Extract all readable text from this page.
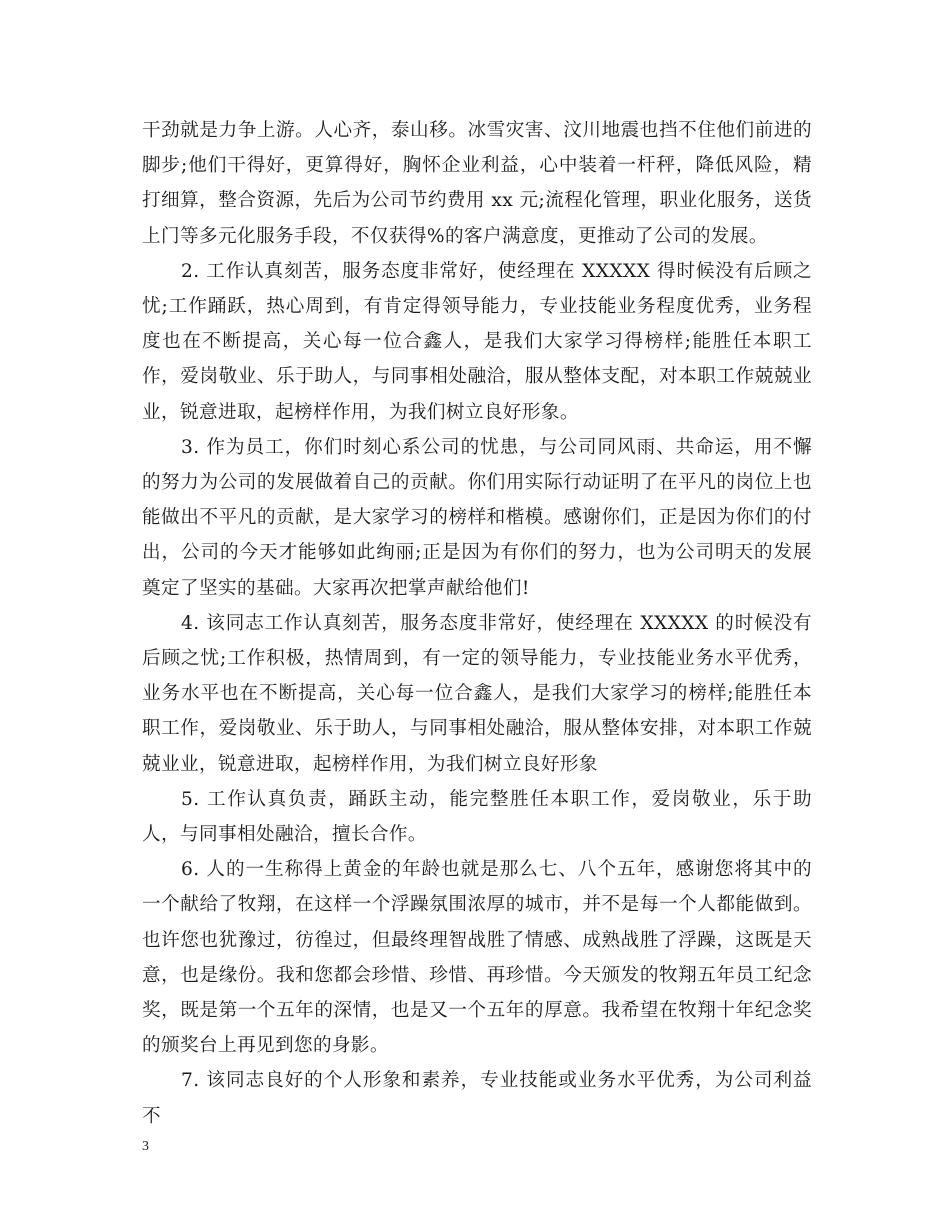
干劲就是力争上游。人心齐，泰山移。冰雪灾害、汶川地震也挡不住他们前进的脚步;他们干得好，更算得好，胸怀企业利益，心中装着一杆秤，降低风险，精打细算，整合资源，先后为公司节约费用 xx 元;流程化管理，职业化服务，送货上门等多元化服务手段，不仅获得%的客户满意度，更推动了公司的发展。

2. 工作认真刻苦，服务态度非常好，使经理在 XXXXX 得时候没有后顾之忧;工作踊跃，热心周到，有肯定得领导能力，专业技能业务程度优秀，业务程度也在不断提高，关心每一位合鑫人，是我们大家学习得榜样;能胜任本职工作，爱岗敬业、乐于助人，与同事相处融洽，服从整体支配，对本职工作兢兢业业，锐意进取，起榜样作用，为我们树立良好形象。

3. 作为员工，你们时刻心系公司的忧患，与公司同风雨、共命运，用不懈的努力为公司的发展做着自己的贡献。你们用实际行动证明了在平凡的岗位上也能做出不平凡的贡献，是大家学习的榜样和楷模。感谢你们，正是因为你们的付出，公司的今天才能够如此绚丽;正是因为有你们的努力，也为公司明天的发展奠定了坚实的基础。大家再次把掌声献给他们!

4. 该同志工作认真刻苦，服务态度非常好，使经理在 XXXXX 的时候没有后顾之忧;工作积极，热情周到，有一定的领导能力，专业技能业务水平优秀，业务水平也在不断提高，关心每一位合鑫人，是我们大家学习的榜样;能胜任本职工作，爱岗敬业、乐于助人，与同事相处融洽，服从整体安排，对本职工作兢兢业业，锐意进取，起榜样作用，为我们树立良好形象

5. 工作认真负责，踊跃主动，能完整胜任本职工作，爱岗敬业，乐于助人，与同事相处融洽，擅长合作。

6. 人的一生称得上黄金的年龄也就是那么七、八个五年，感谢您将其中的一个献给了牧翔，在这样一个浮躁氛围浓厚的城市，并不是每一个人都能做到。也许您也犹豫过，彷徨过，但最终理智战胜了情感、成熟战胜了浮躁，这既是天意，也是缘份。我和您都会珍惜、珍惜、再珍惜。今天颁发的牧翔五年员工纪念奖，既是第一个五年的深情，也是又一个五年的厚意。我希望在牧翔十年纪念奖的颁奖台上再见到您的身影。

7. 该同志良好的个人形象和素养，专业技能或业务水平优秀，为公司利益不

3
